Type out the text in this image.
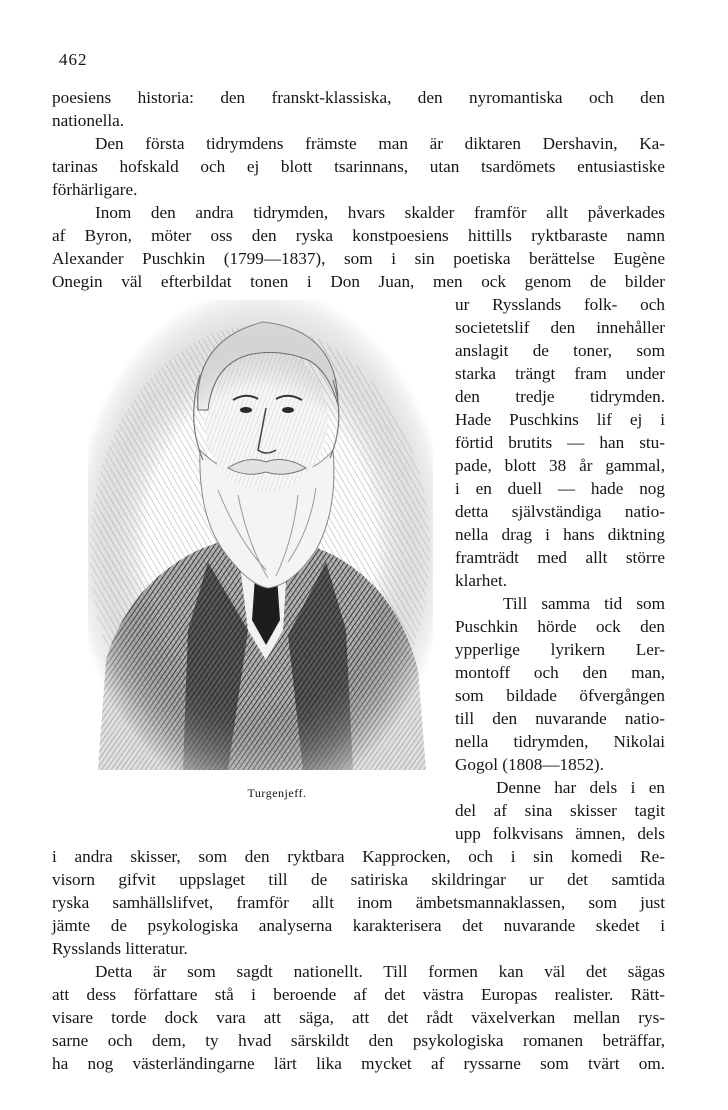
462
poesiens historia: den franskt-klassiska, den nyromantiska och den
nationella.
Den första tidrymdens främste man är diktaren Dershavin, Ka-
tarinas hofskald och ej blott tsarinnans, utan tsardömets entusiastiske
förhärligare.
Inom den andra tidrymden, hvars skalder framför allt påverkades
af Byron, möter oss den ryska konstpoesiens hittills ryktbaraste namn
Alexander Puschkin (1799—1837), som i sin poetiska berättelse Eugène
Onegin väl efterbildat tonen i Don Juan, men ock genom de bilder
ur Rysslands folk- och
societetslif den innehåller
anslagit de toner, som
starka trängt fram under
den tredje tidrymden.
Hade Puschkins lif ej i
förtid brutits — han stu-
pade, blott 38 år gammal,
i en duell — hade nog
detta självständiga natio-
nella drag i hans diktning
framträdt med allt större
klarhet.
Till samma tid som
Puschkin hörde ock den
ypperlige lyrikern Ler-
montoff och den man,
som bildade öfvergången
till den nuvarande natio-
nella tidrymden, Nikolai
Gogol (1808—1852).
Denne har dels i en
del af sina skisser tagit
upp folkvisans ämnen, dels
i andra skisser, som den ryktbara Kapprocken, och i sin komedi Re-
visorn gifvit uppslaget till de satiriska skildringar ur det samtida
ryska samhällslifvet, framför allt inom ämbetsmannaklassen, som just
jämte de psykologiska analyserna karakterisera det nuvarande skedet i
Rysslands litteratur.
Detta är som sagdt nationellt. Till formen kan väl det sägas
att dess författare stå i beroende af det västra Europas realister. Rätt-
visare torde dock vara att säga, att det rådt växelverkan mellan rys-
sarne och dem, ty hvad särskildt den psykologiska romanen beträffar,
ha nog västerländingarne lärt lika mycket af ryssarne som tvärt om.
Turgenjeff.
